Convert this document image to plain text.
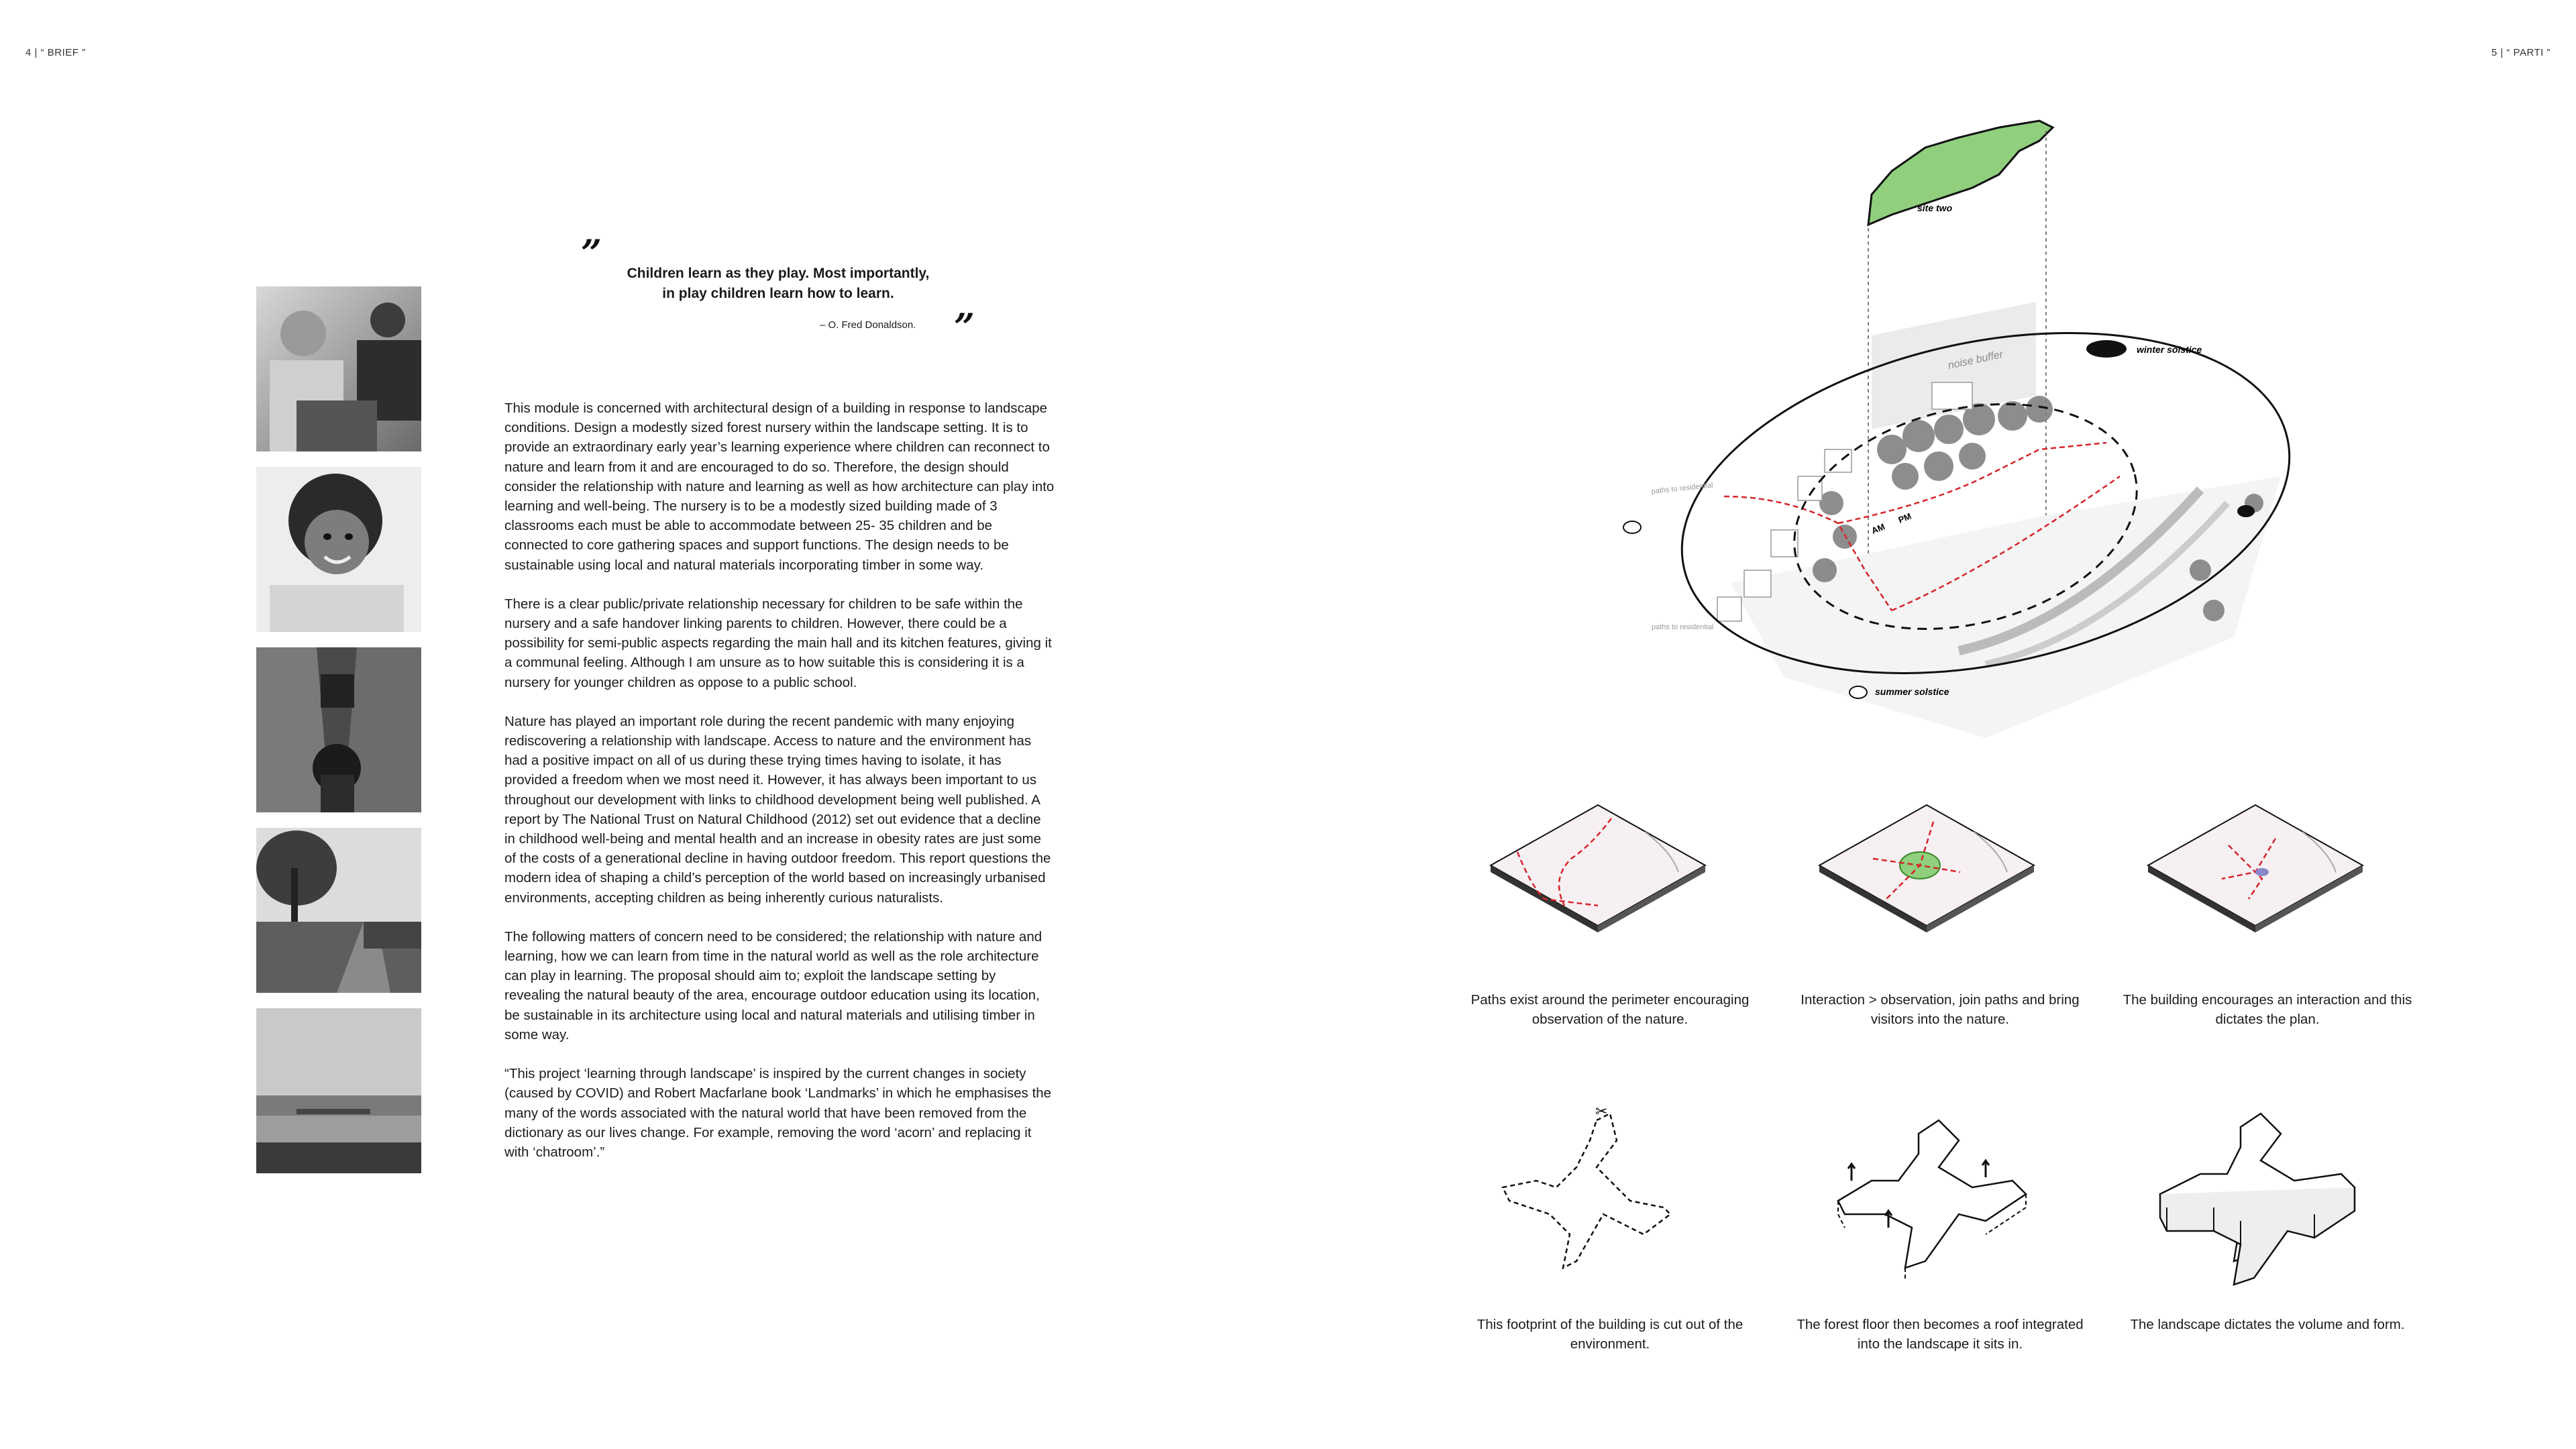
4 | “ BRIEF ”
”	Children learn as they play. Most importantly,
in play children learn how to learn.
– O. Fred Donaldson. ”

This module is concerned with architectural design of a building in response to landscape conditions. Design a modestly sized forest nursery within the landscape setting. It is to provide an extraordinary early year’s learning experience where children can reconnect to nature and learn from it and are encouraged to do so. Therefore, the design should consider the relationship with nature and learning as well as how architecture can play into learning and well-being. The nursery is to be a modestly sized building made of 3 classrooms each must be able to accommodate between 25- 35 children and be connected to core gathering spaces and support functions. The design needs to be sustainable using local and natural materials incorporating timber in some way.

There is a clear public/private relationship necessary for children to be safe within the nursery and a safe handover linking parents to children. However, there could be a possibility for semi-public aspects regarding the main hall and its kitchen features, giving it a communal feeling. Although I am unsure as to how suitable this is considering it is a nursery for younger children as oppose to a public school.

Nature has played an important role during the recent pandemic with many enjoying rediscovering a relationship with landscape. Access to nature and the environment has had a positive impact on all of us during these trying times having to isolate, it has provided a freedom when we most need it. However, it has always been important to us throughout our development with links to childhood development being well published. A report by The National Trust on Natural Childhood (2012) set out evidence that a decline in childhood well-being and mental health and an increase in obesity rates are just some of the costs of a generational decline in having outdoor freedom. This report questions the modern idea of shaping a child’s perception of the world based on increasingly urbanised environments, accepting children as being inherently curious naturalists.

The following matters of concern need to be considered; the relationship with nature and learning, how we can learn from time in the natural world as well as the role architecture can play in learning. The proposal should aim to; exploit the landscape setting by revealing the natural beauty of the area, encourage outdoor education using its location, be sustainable in its architecture using local and natural materials and utilising timber in some way.

“This project ‘learning through landscape’ is inspired by the current changes in society (caused by COVID) and Robert Macfarlane book ‘Landmarks’ in which he emphasises the many of the words associated with the natural world that have been removed from the dictionary as our lives change. For example, removing the word ‘acorn’ and replacing it with ‘chatroom’.”

5 | “ PARTI ”
site two
winter solstice
summer solstice
noise buffer
paths to residential
paths to residential
AM
PM
Paths exist around the perimeter encouraging observation of the nature.
Interaction > observation, join paths and bring visitors into the nature.
The building encourages an interaction and this dictates the plan.
✂
This footprint of the building is cut out of the environment.
The forest floor then becomes a roof integrated into the landscape it sits in.
The landscape dictates the volume and form.
